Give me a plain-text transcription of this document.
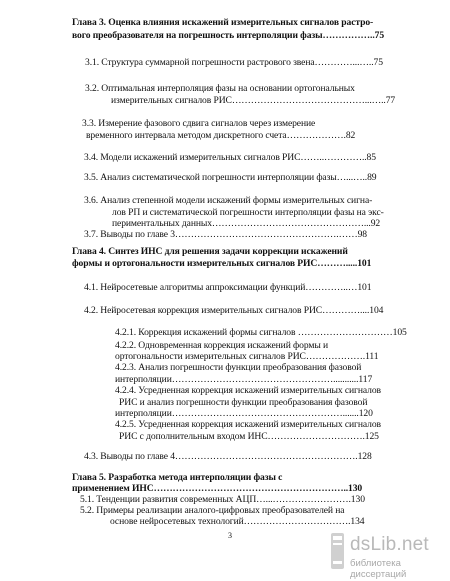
Глава 3. Оценка влияния искажений измерительных сигналов растро-
вого преобразователя на погрешность интерполяции фазы……………..75
3.1. Структура суммарной погрешности растрового звена…………...…..75
3.2. Оптимальная интерполяция фазы на основании ортогональных
измерительных сигналов РИС……………………………………...…..77
3.3. Измерение фазового сдвига сигналов через измерение
временного интервала методом дискретного счета……………….82
3.4. Модели искажений измерительных сигналов РИС……..…………..85
3.5. Анализ систематической погрешности интерполяции фазы…...…..89
3.6. Анализ степенной модели искажений формы измерительных сигна-
лов РП и систематической погрешности интерполяции фазы на экс-
периментальных данных…………………………………………...92
3.7. Выводы по главе 3…………………………………………….……98
Глава 4. Синтез ИНС для решения задачи коррекции искажений
формы и ортогональности измерительных сигналов РИС……….....101
4.1. Нейросетевые алгоритмы аппроксимации функций…………..…101
4.2. Нейросетевая коррекция измерительных сигналов РИС…………....104
4.2.1. Коррекция искажений формы сигналов …………………………105
4.2.2. Одновременная коррекция искажений формы и
ортогональности измерительных сигналов РИС……………….111
4.2.3. Анализ погрешности функции преобразования фазовой
интерполяции……………………………………………...........117
4.2.4. Усредненная коррекция искажений измерительных сигналов
РИС и анализ погрешности функции преобразования фазовой
интерполяции……………………………………………….......120
4.2.5. Усредненная коррекция искажений измерительных сигналов
РИС с дополнительным входом ИНС………………………….125
4.3. Выводы по главе 4………………………………………………….128
Глава 5. Разработка метода интерполяции фазы с
применением ИНС……………………………………………………..130
5.1. Тенденции развития современных АЦП…...…………………….130
5.2. Примеры реализации аналого-цифровых преобразователей на
основе нейросетевых технологий…………………………….134
3	dsLib.net
библиотека диссертаций
